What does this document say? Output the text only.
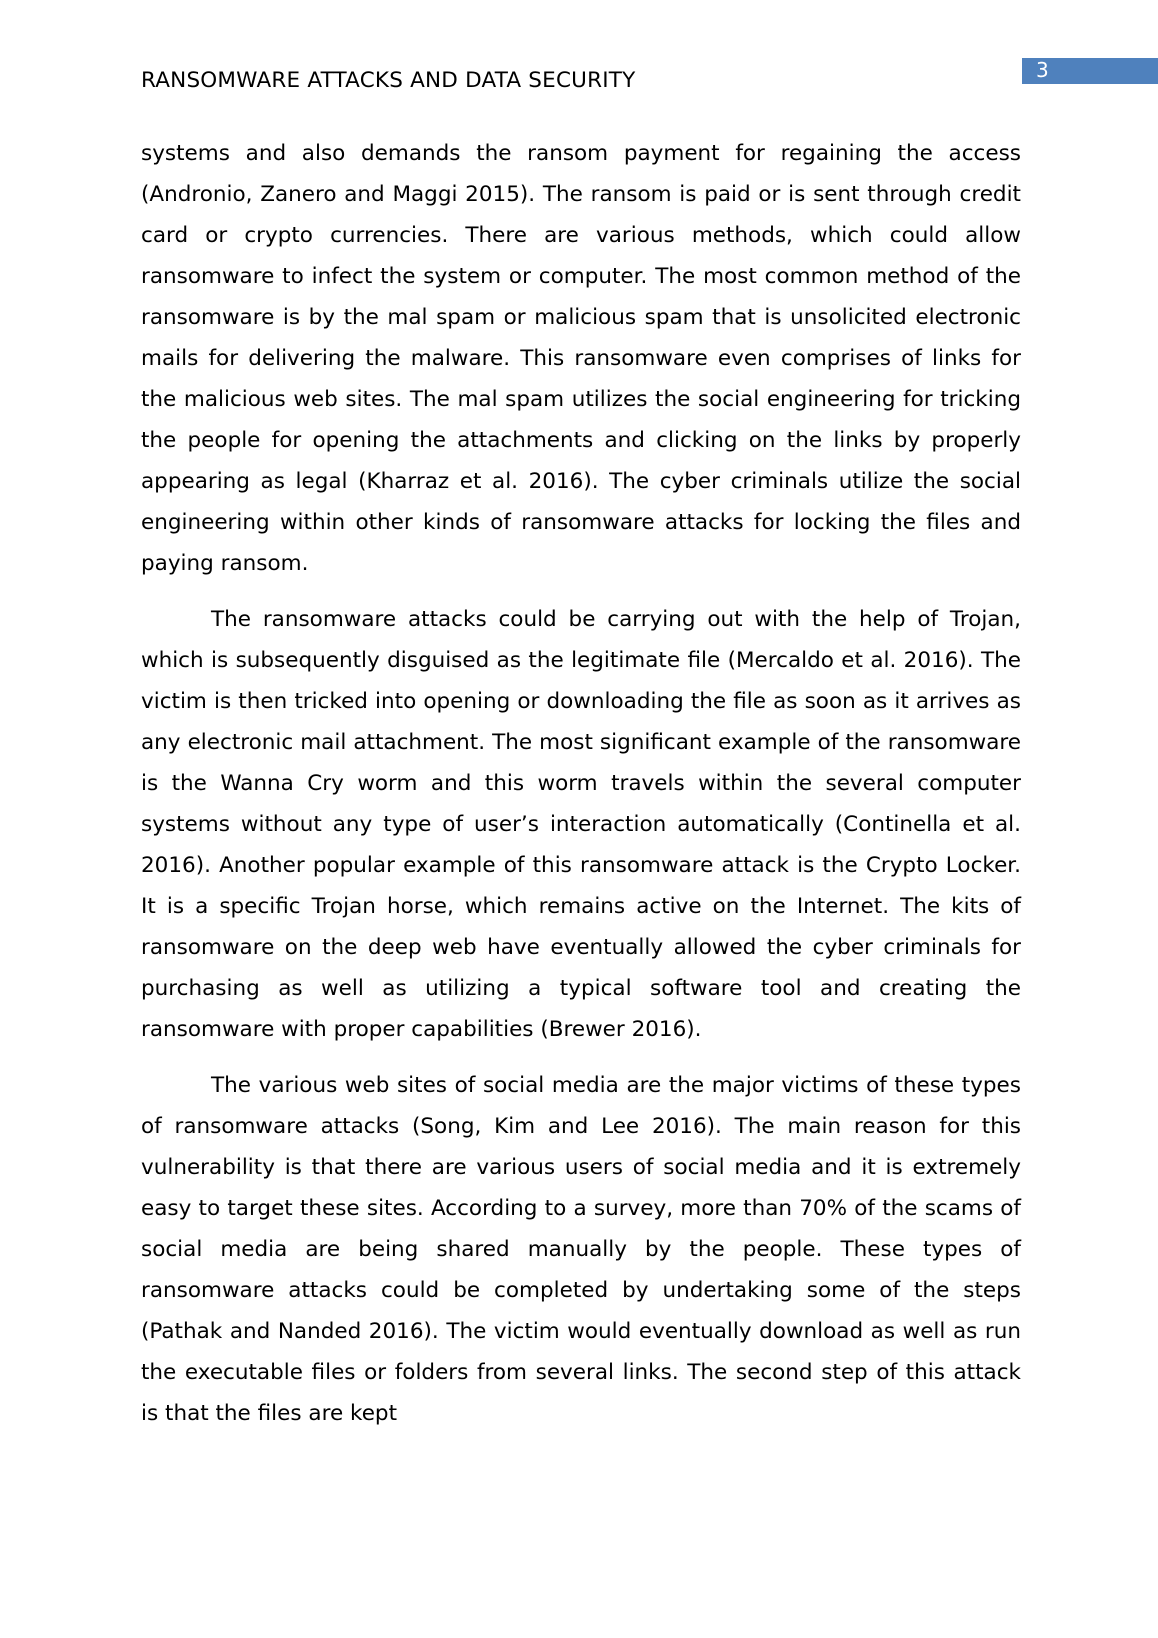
RANSOMWARE ATTACKS AND DATA SECURITY	3

systems and also demands the ransom payment for regaining the access (Andronio, Zanero and Maggi 2015). The ransom is paid or is sent through credit card or crypto currencies. There are various methods, which could allow ransomware to infect the system or computer. The most common method of the ransomware is by the mal spam or malicious spam that is unsolicited electronic mails for delivering the malware. This ransomware even comprises of links for the malicious web sites. The mal spam utilizes the social engineering for tricking the people for opening the attachments and clicking on the links by properly appearing as legal (Kharraz et al. 2016). The cyber criminals utilize the social engineering within other kinds of ransomware attacks for locking the files and paying ransom.

The ransomware attacks could be carrying out with the help of Trojan, which is subsequently disguised as the legitimate file (Mercaldo et al. 2016). The victim is then tricked into opening or downloading the file as soon as it arrives as any electronic mail attachment. The most significant example of the ransomware is the Wanna Cry worm and this worm travels within the several computer systems without any type of user’s interaction automatically (Continella et al. 2016). Another popular example of this ransomware attack is the Crypto Locker. It is a specific Trojan horse, which remains active on the Internet. The kits of ransomware on the deep web have eventually allowed the cyber criminals for purchasing as well as utilizing a typical software tool and creating the ransomware with proper capabilities (Brewer 2016).

The various web sites of social media are the major victims of these types of ransomware attacks (Song, Kim and Lee 2016). The main reason for this vulnerability is that there are various users of social media and it is extremely easy to target these sites. According to a survey, more than 70% of the scams of social media are being shared manually by the people. These types of ransomware attacks could be completed by undertaking some of the steps (Pathak and Nanded 2016). The victim would eventually download as well as run the executable files or folders from several links. The second step of this attack is that the files are kept
